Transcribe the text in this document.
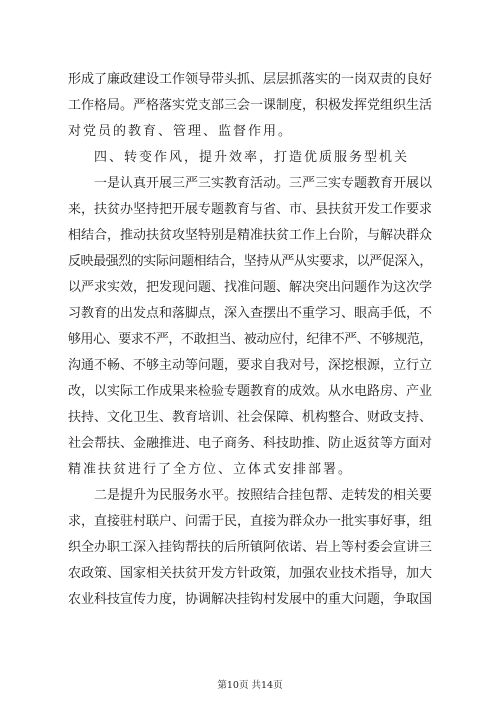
形成了廉政建设工作领导带头抓、层层抓落实的一岗双责的良好
工作格局。严格落实党支部三会一课制度，积极发挥党组织生活
对党员的教育、管理、监督作用。
四、转变作风，提升效率，打造优质服务型机关
一是认真开展三严三实教育活动。三严三实专题教育开展以
来，扶贫办坚持把开展专题教育与省、市、县扶贫开发工作要求
相结合，推动扶贫攻坚特别是精准扶贫工作上台阶，与解决群众
反映最强烈的实际问题相结合，坚持从严从实要求，以严促深入，
以严求实效，把发现问题、找准问题、解决突出问题作为这次学
习教育的出发点和落脚点，深入查摆出不重学习、眼高手低，不
够用心、要求不严，不敢担当、被动应付，纪律不严、不够规范，
沟通不畅、不够主动等问题，要求自我对号，深挖根源，立行立
改，以实际工作成果来检验专题教育的成效。从水电路房、产业
扶持、文化卫生、教育培训、社会保障、机构整合、财政支持、
社会帮扶、金融推进、电子商务、科技助推、防止返贫等方面对
精准扶贫进行了全方位、立体式安排部署。
二是提升为民服务水平。按照结合挂包帮、走转发的相关要
求，直接驻村联户、问需于民，直接为群众办一批实事好事，组
织全办职工深入挂钩帮扶的后所镇阿依诺、岩上等村委会宣讲三
农政策、国家相关扶贫开发方针政策，加强农业技术指导，加大
农业科技宣传力度，协调解决挂钩村发展中的重大问题，争取国
第10页 共14页
